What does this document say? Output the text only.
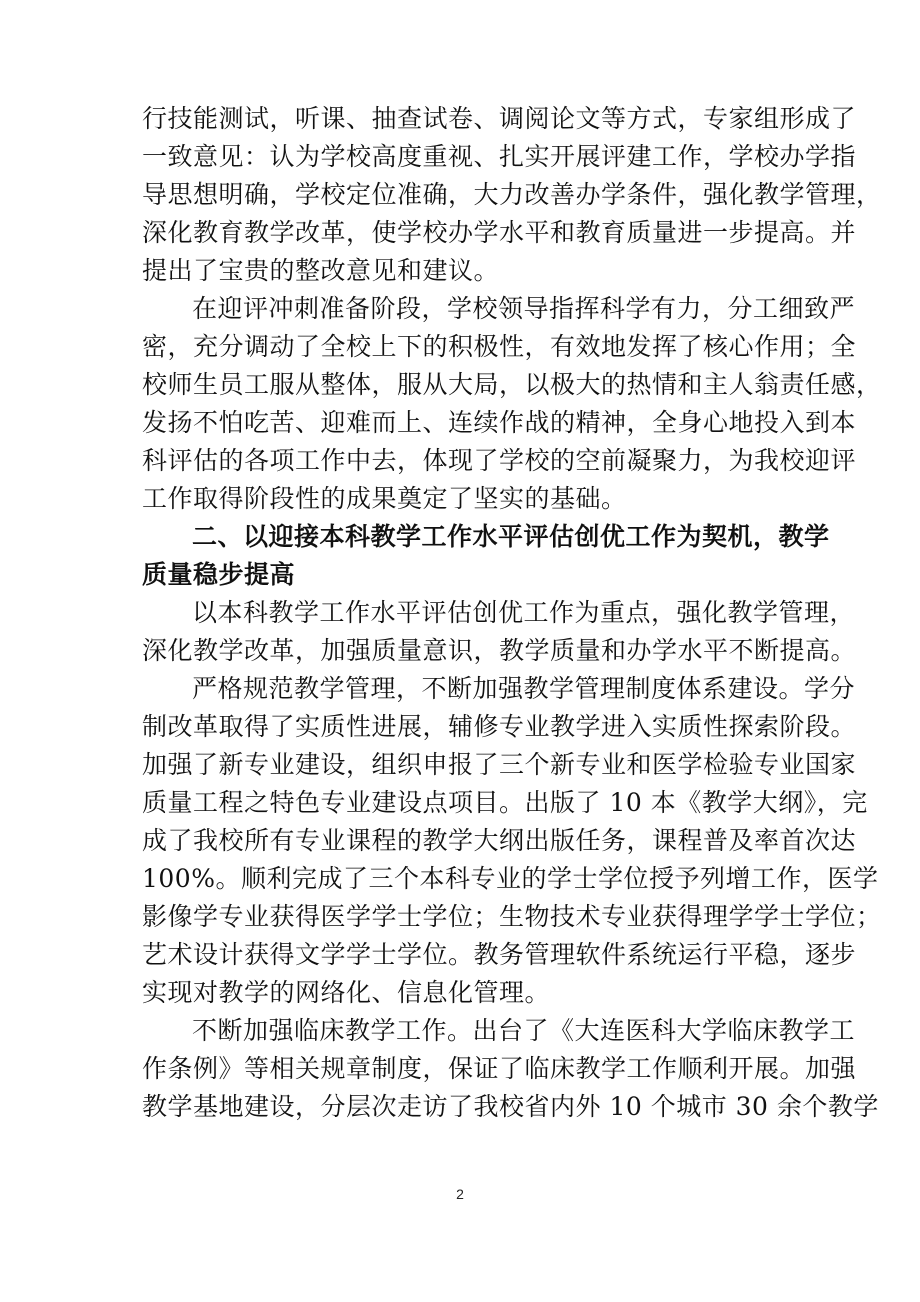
行技能测试，听课、抽查试卷、调阅论文等方式，专家组形成了
一致意见：认为学校高度重视、扎实开展评建工作，学校办学指
导思想明确，学校定位准确，大力改善办学条件，强化教学管理，
深化教育教学改革，使学校办学水平和教育质量进一步提高。并
提出了宝贵的整改意见和建议。
在迎评冲刺准备阶段，学校领导指挥科学有力，分工细致严
密，充分调动了全校上下的积极性，有效地发挥了核心作用；全
校师生员工服从整体，服从大局，以极大的热情和主人翁责任感，
发扬不怕吃苦、迎难而上、连续作战的精神，全身心地投入到本
科评估的各项工作中去，体现了学校的空前凝聚力，为我校迎评
工作取得阶段性的成果奠定了坚实的基础。
二、以迎接本科教学工作水平评估创优工作为契机，教学
质量稳步提高
以本科教学工作水平评估创优工作为重点，强化教学管理，
深化教学改革，加强质量意识，教学质量和办学水平不断提高。
严格规范教学管理，不断加强教学管理制度体系建设。学分
制改革取得了实质性进展，辅修专业教学进入实质性探索阶段。
加强了新专业建设，组织申报了三个新专业和医学检验专业国家
质量工程之特色专业建设点项目。出版了 10 本《教学大纲》，完
成了我校所有专业课程的教学大纲出版任务，课程普及率首次达
100%。顺利完成了三个本科专业的学士学位授予列增工作，医学
影像学专业获得医学学士学位；生物技术专业获得理学学士学位；
艺术设计获得文学学士学位。教务管理软件系统运行平稳，逐步
实现对教学的网络化、信息化管理。
不断加强临床教学工作。出台了《大连医科大学临床教学工
作条例》等相关规章制度，保证了临床教学工作顺利开展。加强
教学基地建设，分层次走访了我校省内外 10 个城市 30 余个教学
2
